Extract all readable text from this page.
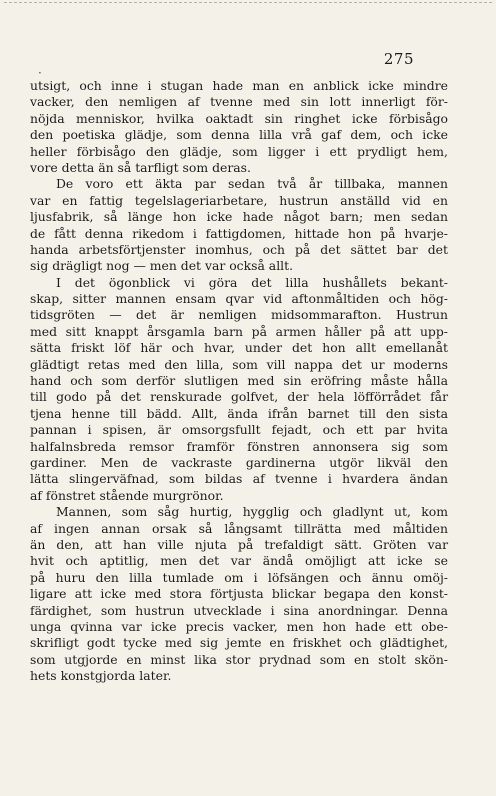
275
·
utsigt, och inne i stugan hade man en anblick icke mindre
vacker, den nemligen af tvenne med sin lott innerligt för-
nöjda menniskor, hvilka oaktadt sin ringhet icke förbisågo
den poetiska glädje, som denna lilla vrå gaf dem, och icke
heller förbisågo den glädje, som ligger i ett prydligt hem,
vore detta än så tarfligt som deras.
De voro ett äkta par sedan två år tillbaka, mannen
var en fattig tegelslageriarbetare, hustrun anställd vid en
ljusfabrik, så länge hon icke hade något barn; men sedan
de fått denna rikedom i fattigdomen, hittade hon på hvarje-
handa arbetsförtjenster inomhus, och på det sättet bar det
sig drägligt nog — men det var också allt.
I det ögonblick vi göra det lilla hushållets bekant-
skap, sitter mannen ensam qvar vid aftonmåltiden och hög-
tidsgröten — det är nemligen midsommarafton. Hustrun
med sitt knappt årsgamla barn på armen håller på att upp-
sätta friskt löf här och hvar, under det hon allt emellanåt
glädtigt retas med den lilla, som vill nappa det ur moderns
hand och som derför slutligen med sin eröfring måste hålla
till godo på det renskurade golfvet, der hela löfförrådet får
tjena henne till bädd. Allt, ända ifrån barnet till den sista
pannan i spisen, är omsorgsfullt fejadt, och ett par hvita
halfalnsbreda remsor framför fönstren annonsera sig som
gardiner. Men de vackraste gardinerna utgör likväl den
lätta slingerväfnad, som bildas af tvenne i hvardera ändan
af fönstret stående murgrönor.
Mannen, som såg hurtig, hygglig och gladlynt ut, kom
af ingen annan orsak så långsamt tillrätta med måltiden
än den, att han ville njuta på trefaldigt sätt. Gröten var
hvit och aptitlig, men det var ändå omöjligt att icke se
på huru den lilla tumlade om i löfsängen och ännu omöj-
ligare att icke med stora förtjusta blickar begapa den konst-
färdighet, som hustrun utvecklade i sina anordningar. Denna
unga qvinna var icke precis vacker, men hon hade ett obe-
skrifligt godt tycke med sig jemte en friskhet och glädtighet,
som utgjorde en minst lika stor prydnad som en stolt skön-
hets konstgjorda later.
